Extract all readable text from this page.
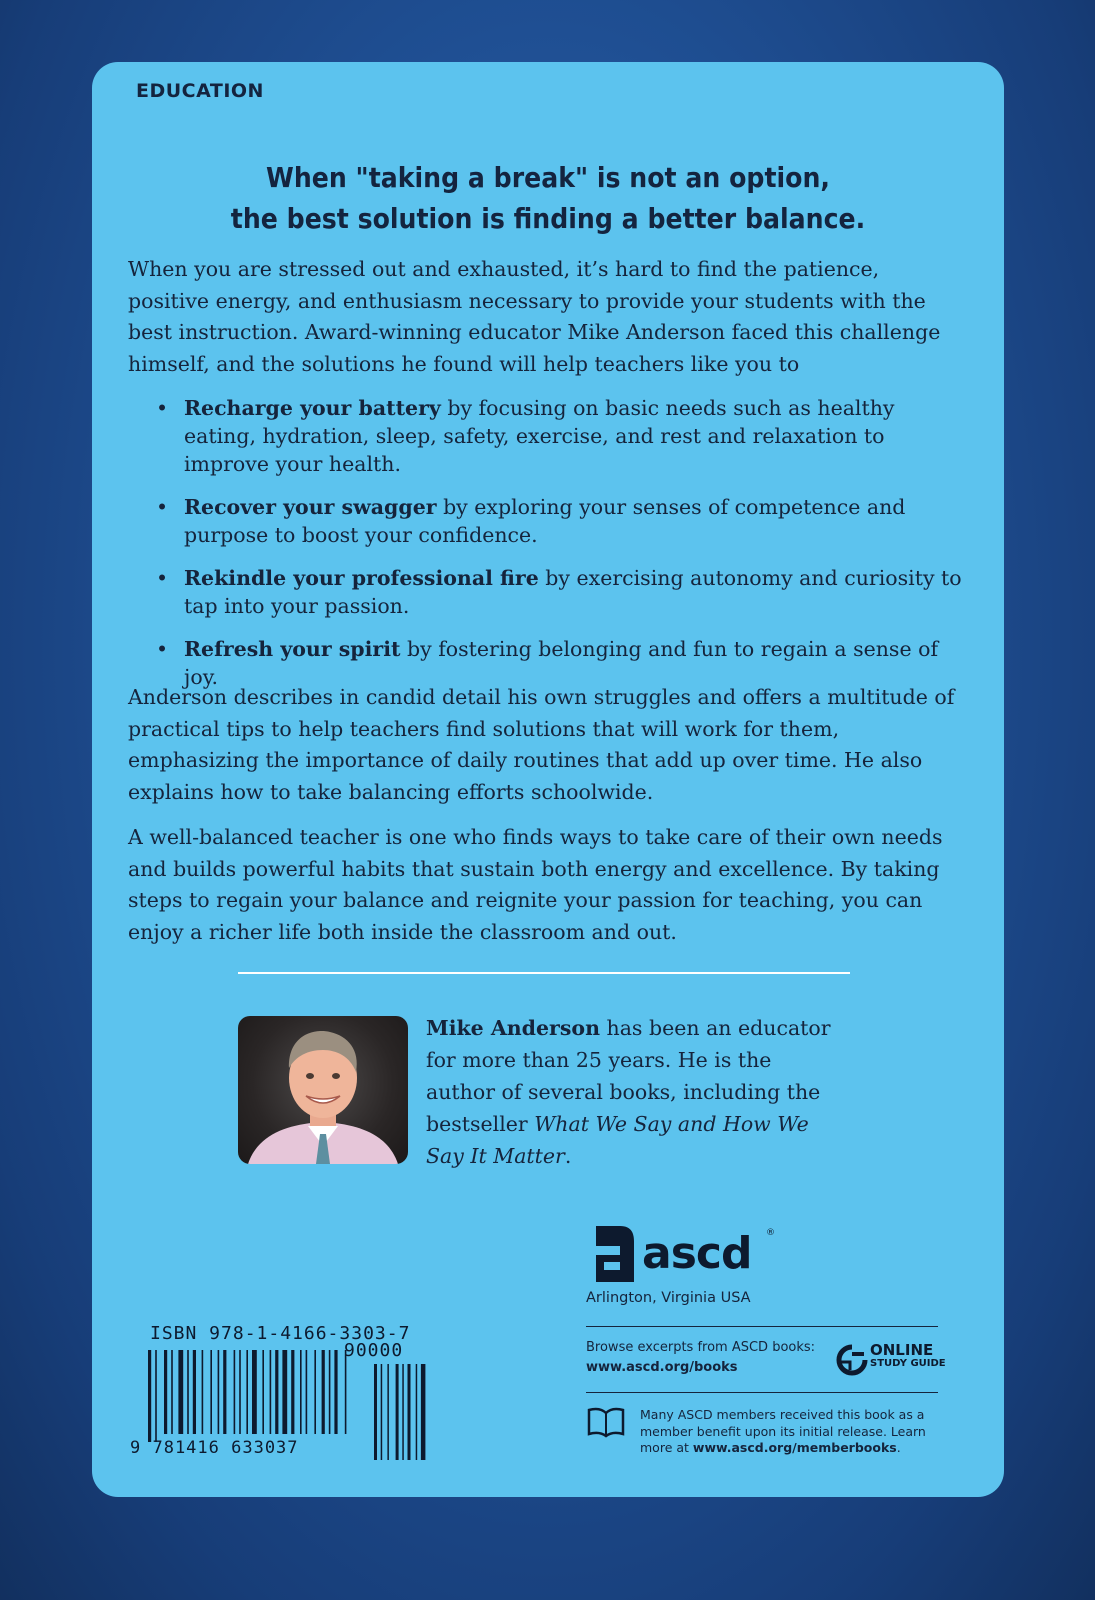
EDUCATION
When "taking a break" is not an option,
the best solution is finding a better balance.
When you are stressed out and exhausted, it’s hard to find the patience, positive energy, and enthusiasm necessary to provide your students with the best instruction. Award-winning educator Mike Anderson faced this challenge himself, and the solutions he found will help teachers like you to
• Recharge your battery by focusing on basic needs such as healthy eating, hydration, sleep, safety, exercise, and rest and relaxation to improve your health.
• Recover your swagger by exploring your senses of competence and purpose to boost your confidence.
• Rekindle your professional fire by exercising autonomy and curiosity to tap into your passion.
• Refresh your spirit by fostering belonging and fun to regain a sense of joy.
Anderson describes in candid detail his own struggles and offers a multitude of practical tips to help teachers find solutions that will work for them, emphasizing the importance of daily routines that add up over time. He also explains how to take balancing efforts schoolwide.
A well-balanced teacher is one who finds ways to take care of their own needs and builds powerful habits that sustain both energy and excellence. By taking steps to regain your balance and reignite your passion for teaching, you can enjoy a richer life both inside the classroom and out.
Mike Anderson has been an educator for more than 25 years. He is the author of several books, including the bestseller What We Say and How We Say It Matter.
ascd ®
Arlington, Virginia USA
Browse excerpts from ASCD books:
www.ascd.org/books
ONLINE
STUDY GUIDE
Many ASCD members received this book as a member benefit upon its initial release. Learn more at www.ascd.org/memberbooks.
ISBN 978-1-4166-3303-7
90000
9 781416 633037
